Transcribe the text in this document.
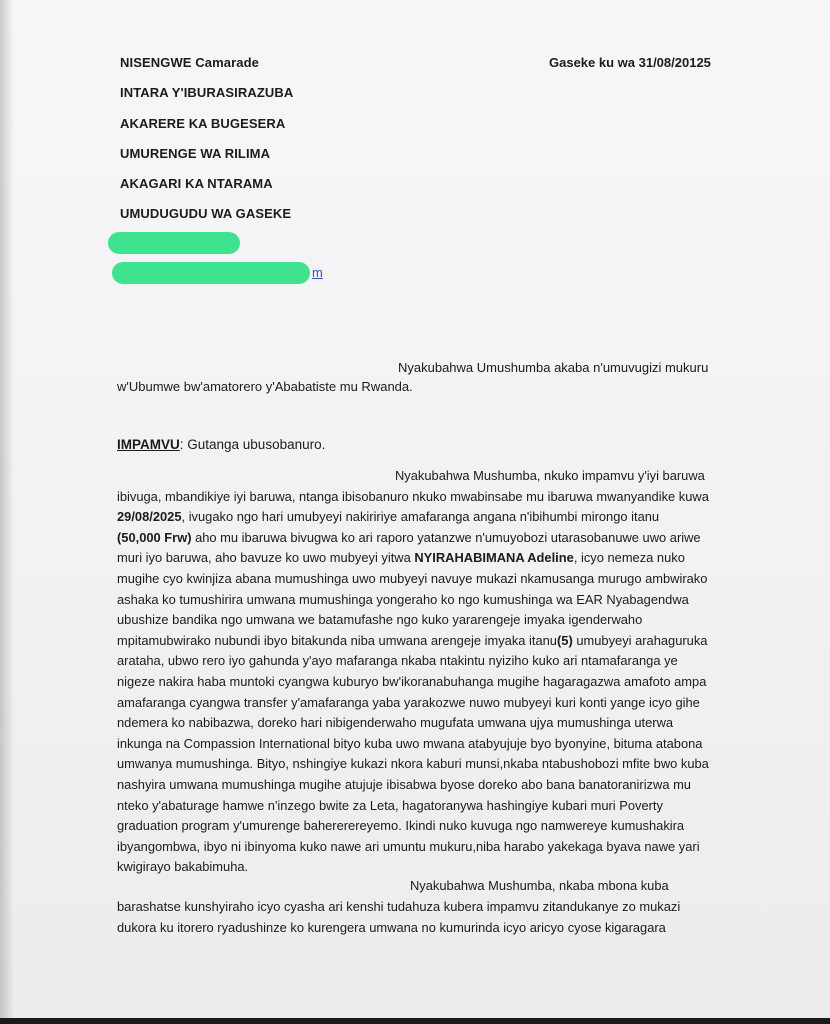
NISENGWE Camarade
INTARA Y'IBURASIRAZUBA
AKARERE KA BUGESERA
UMURENGE WA RILIMA
AKAGARI KA NTARAMA
UMUDUGUDU WA GASEKE
m
Gaseke ku wa 31/08/20125
Nyakubahwa Umushumba akaba n'umuvugizi mukuru
w'Ubumwe bw'amatorero y'Ababatiste mu Rwanda.
IMPAMVU: Gutanga ubusobanuro.
Nyakubahwa Mushumba, nkuko impamvu y'iyi baruwa
ibivuga, mbandikiye iyi baruwa, ntanga ibisobanuro nkuko mwabinsabe mu ibaruwa mwanyandike kuwa
29/08/2025, ivugako ngo hari umubyeyi nakiririye amafaranga angana n'ibihumbi mirongo itanu
(50,000 Frw) aho mu ibaruwa bivugwa ko ari raporo yatanzwe n'umuyobozi utarasobanuwe uwo ariwe
muri iyo baruwa, aho bavuze ko uwo mubyeyi yitwa NYIRAHABIMANA Adeline, icyo nemeza nuko
mugihe cyo kwinjiza abana mumushinga uwo mubyeyi navuye mukazi nkamusanga murugo ambwirako
ashaka ko tumushirira umwana mumushinga yongeraho ko ngo kumushinga wa EAR Nyabagendwa
ubushize bandika ngo umwana we batamufashe ngo kuko yararengeje imyaka igenderwaho
mpitamubwirako nubundi ibyo bitakunda niba umwana arengeje imyaka itanu(5) umubyeyi arahaguruka
arataha, ubwo rero iyo gahunda y'ayo mafaranga nkaba ntakintu nyiziho kuko ari ntamafaranga ye
nigeze nakira haba muntoki cyangwa kuburyo bw'ikoranabuhanga mugihe hagaragazwa amafoto ampa
amafaranga cyangwa transfer y'amafaranga yaba yarakozwe nuwo mubyeyi kuri konti yange icyo gihe
ndemera ko nabibazwa, doreko hari nibigenderwaho mugufata umwana ujya mumushinga uterwa
inkunga na Compassion International bityo kuba uwo mwana atabyujuje byo byonyine, bituma atabona
umwanya mumushinga. Bityo, nshingiye kukazi nkora kaburi munsi,nkaba ntabushobozi mfite bwo kuba
nashyira umwana mumushinga mugihe atujuje ibisabwa byose doreko abo bana banatoranirizwa mu
nteko y'abaturage hamwe n'inzego bwite za Leta, hagatoranywa hashingiye kubari muri Poverty
graduation program y'umurenge bahererereyemo. Ikindi nuko kuvuga ngo namwereye kumushakira
ibyangombwa, ibyo ni ibinyoma kuko nawe ari umuntu mukuru,niba harabo yakekaga byava nawe yari
kwigirayo bakabimuha.
Nyakubahwa Mushumba, nkaba mbona kuba
barashatse kunshyiraho icyo cyasha ari kenshi tudahuza kubera impamvu zitandukanye zo mukazi
dukora ku itorero ryadushinze ko kurengera umwana no kumurinda icyo aricyo cyose kigaragara
